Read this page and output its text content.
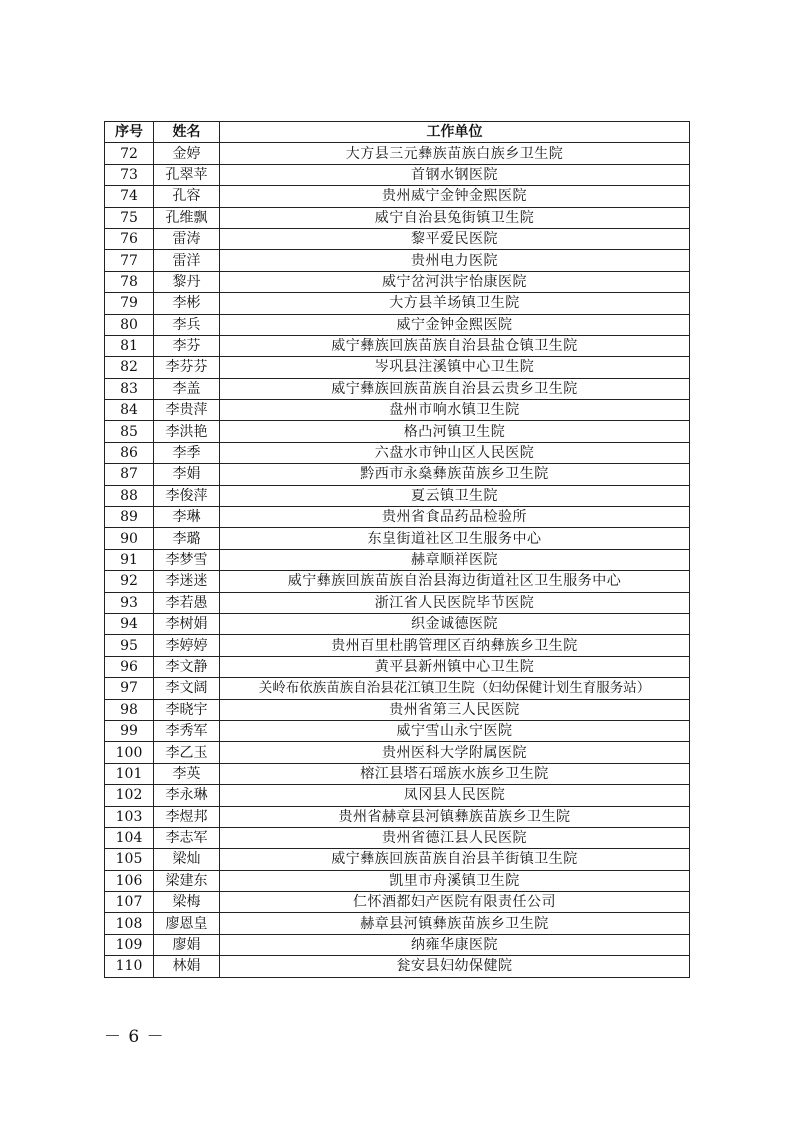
序号	姓名	工作单位
72	金婷	大方县三元彝族苗族白族乡卫生院
73	孔翠苹	首钢水钢医院
74	孔容	贵州威宁金钟金熙医院
75	孔维飘	威宁自治县兔街镇卫生院
76	雷涛	黎平爱民医院
77	雷洋	贵州电力医院
78	黎丹	威宁岔河洪宇怡康医院
79	李彬	大方县羊场镇卫生院
80	李兵	威宁金钟金熙医院
81	李芬	威宁彝族回族苗族自治县盐仓镇卫生院
82	李芬芬	岑巩县注溪镇中心卫生院
83	李盖	威宁彝族回族苗族自治县云贵乡卫生院
84	李贵萍	盘州市响水镇卫生院
85	李洪艳	格凸河镇卫生院
86	李季	六盘水市钟山区人民医院
87	李娟	黔西市永燊彝族苗族乡卫生院
88	李俊萍	夏云镇卫生院
89	李琳	贵州省食品药品检验所
90	李璐	东皇街道社区卫生服务中心
91	李梦雪	赫章顺祥医院
92	李迷迷	威宁彝族回族苗族自治县海边街道社区卫生服务中心
93	李若愚	浙江省人民医院毕节医院
94	李树娟	织金诚德医院
95	李婷婷	贵州百里杜鹃管理区百纳彝族乡卫生院
96	李文静	黄平县新州镇中心卫生院
97	李文阔	关岭布依族苗族自治县花江镇卫生院（妇幼保健计划生育服务站）
98	李晓宇	贵州省第三人民医院
99	李秀军	威宁雪山永宁医院
100	李乙玉	贵州医科大学附属医院
101	李英	榕江县塔石瑶族水族乡卫生院
102	李永琳	凤冈县人民医院
103	李煜邦	贵州省赫章县河镇彝族苗族乡卫生院
104	李志军	贵州省德江县人民医院
105	梁灿	威宁彝族回族苗族自治县羊街镇卫生院
106	梁建东	凯里市舟溪镇卫生院
107	梁梅	仁怀酒都妇产医院有限责任公司
108	廖恩皇	赫章县河镇彝族苗族乡卫生院
109	廖娟	纳雍华康医院
110	林娟	瓮安县妇幼保健院
－ 6 －
